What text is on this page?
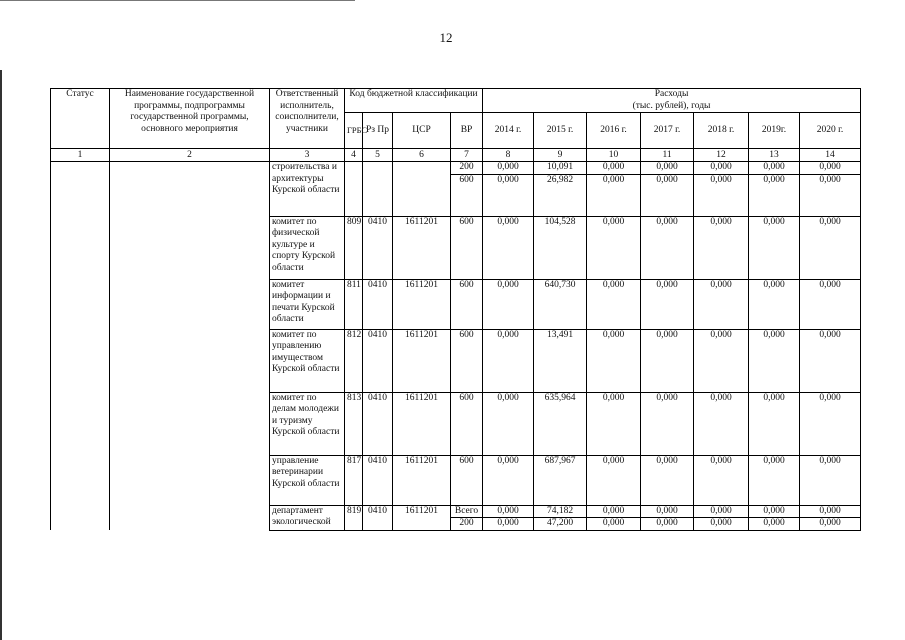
12
Статус	Наименование государственной программы, подпрограммы государственной программы, основного мероприятия	Ответственный исполнитель, соисполнители, участники	Код бюджетной классификации				Расходы
(тыс. рублей), годы						
			ГРБС	Рз Пр	ЦСР	ВР	2014 г.	2015 г.	2016 г.	2017 г.	2018 г.	2019г.	2020 г.
1	2	3	4	5	6	7	8	9	10	11	12	13	14
		строительства и архитектуры Курской области				200	0,000	10,091	0,000	0,000	0,000	0,000	0,000
						600	0,000	26,982	0,000	0,000	0,000	0,000	0,000
		комитет по физической культуре и спорту Курской области	809	0410	1611201	600	0,000	104,528	0,000	0,000	0,000	0,000	0,000
		комитет информации и печати Курской области	811	0410	1611201	600	0,000	640,730	0,000	0,000	0,000	0,000	0,000
		комитет по управлению имуществом Курской области	812	0410	1611201	600	0,000	13,491	0,000	0,000	0,000	0,000	0,000
		комитет по делам молодежи и туризму Курской области	813	0410	1611201	600	0,000	635,964	0,000	0,000	0,000	0,000	0,000
		управление ветеринарии Курской области	817	0410	1611201	600	0,000	687,967	0,000	0,000	0,000	0,000	0,000
		департамент экологической	819	0410	1611201	Всего	0,000	74,182	0,000	0,000	0,000	0,000	0,000
						200	0,000	47,200	0,000	0,000	0,000	0,000	0,000
